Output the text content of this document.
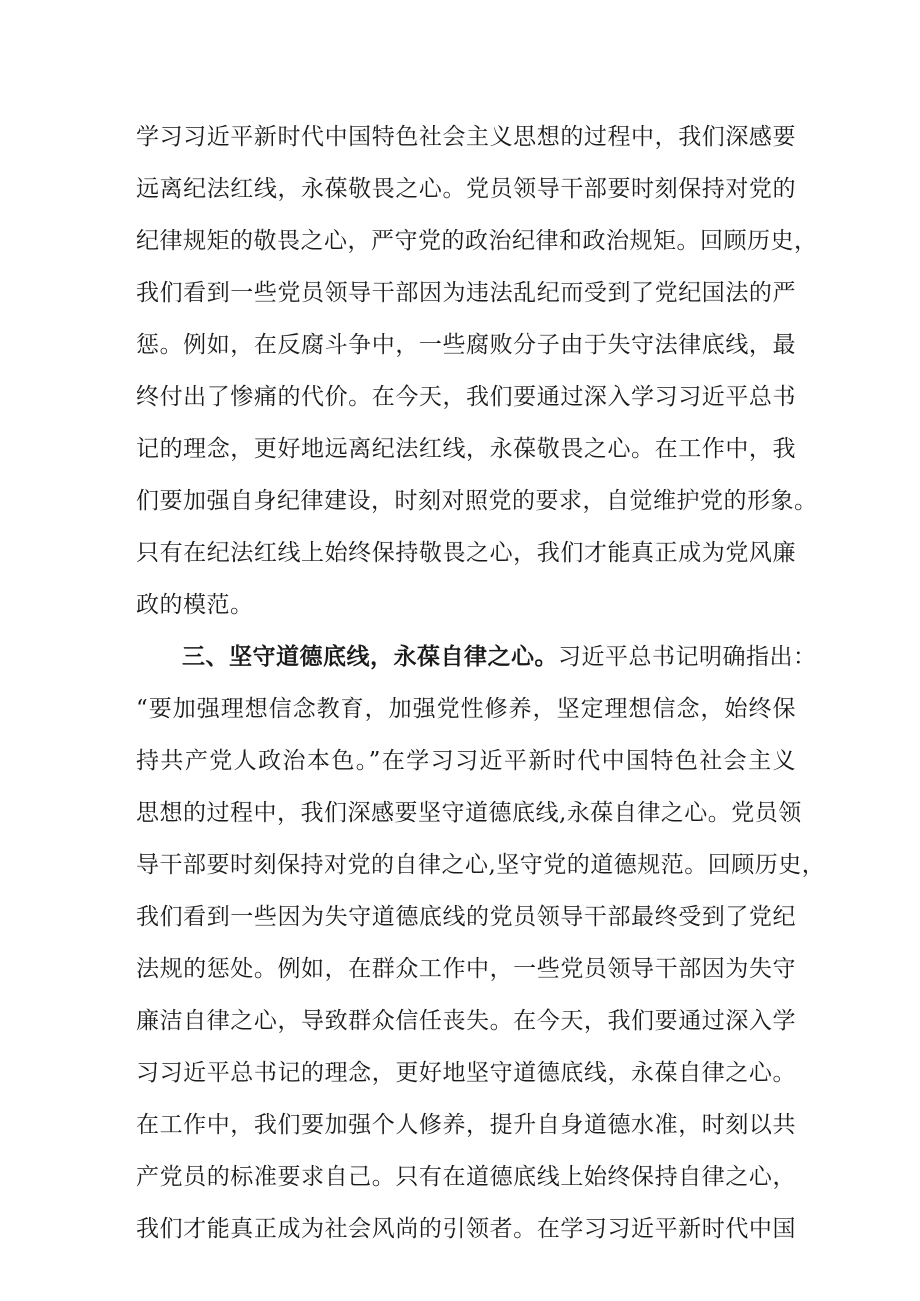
学习习近平新时代中国特色社会主义思想的过程中，我们深感要
远离纪法红线，永葆敬畏之心。党员领导干部要时刻保持对党的
纪律规矩的敬畏之心，严守党的政治纪律和政治规矩。回顾历史，
我们看到一些党员领导干部因为违法乱纪而受到了党纪国法的严
惩。例如，在反腐斗争中，一些腐败分子由于失守法律底线，最
终付出了惨痛的代价。在今天，我们要通过深入学习习近平总书
记的理念，更好地远离纪法红线，永葆敬畏之心。在工作中，我
们要加强自身纪律建设，时刻对照党的要求，自觉维护党的形象。
只有在纪法红线上始终保持敬畏之心，我们才能真正成为党风廉
政的模范。
三、坚守道德底线，永葆自律之心。习近平总书记明确指出：
“要加强理想信念教育，加强党性修养，坚定理想信念，始终保
持共产党人政治本色。”在学习习近平新时代中国特色社会主义
思想的过程中，我们深感要坚守道德底线,永葆自律之心。党员领
导干部要时刻保持对党的自律之心,坚守党的道德规范。回顾历史，
我们看到一些因为失守道德底线的党员领导干部最终受到了党纪
法规的惩处。例如，在群众工作中，一些党员领导干部因为失守
廉洁自律之心，导致群众信任丧失。在今天，我们要通过深入学
习习近平总书记的理念，更好地坚守道德底线，永葆自律之心。
在工作中，我们要加强个人修养，提升自身道德水准，时刻以共
产党员的标准要求自己。只有在道德底线上始终保持自律之心，
我们才能真正成为社会风尚的引领者。在学习习近平新时代中国
